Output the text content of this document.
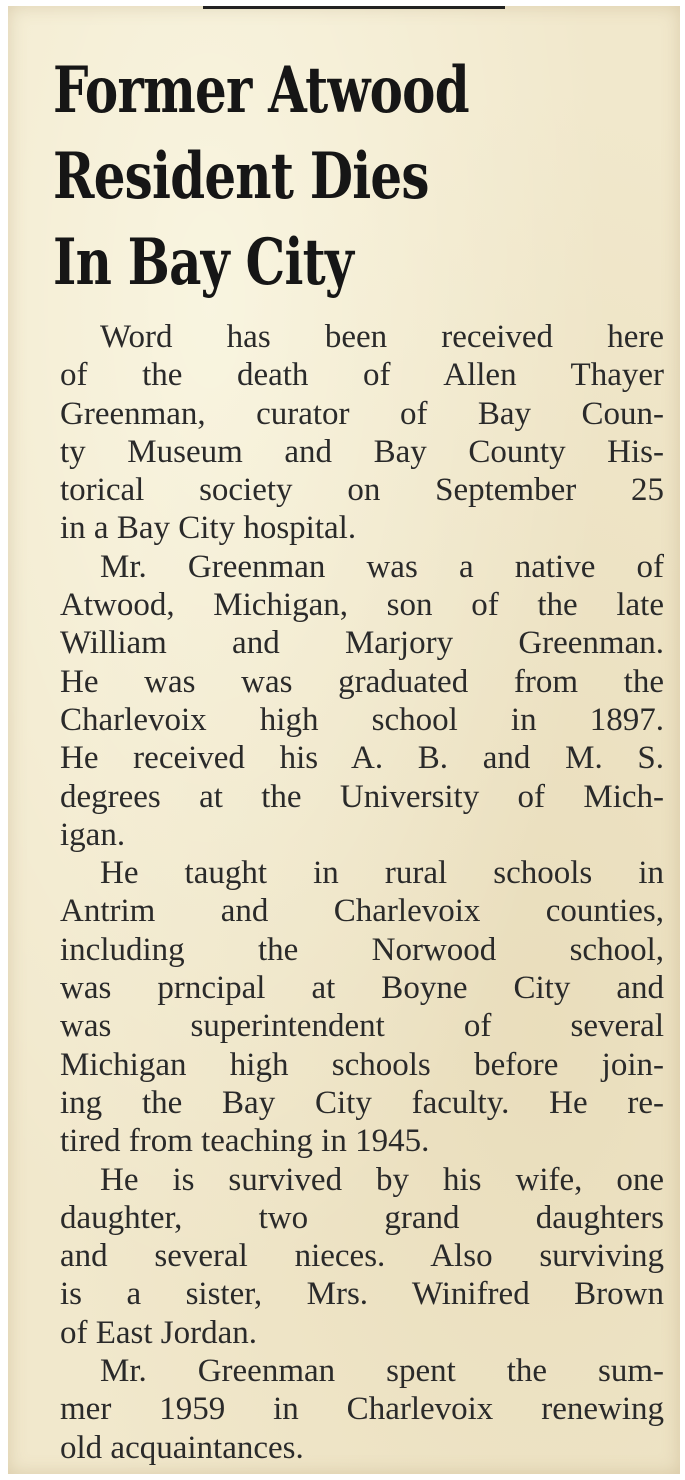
Former Atwood
Resident Dies
In Bay City
Word has been received here
of the death of Allen Thayer
Greenman, curator of Bay Coun-
ty Museum and Bay County His-
torical society on September 25
in a Bay City hospital.
Mr. Greenman was a native of
Atwood, Michigan, son of the late
William and Marjory Greenman.
He was was graduated from the
Charlevoix high school in 1897.
He received his A. B. and M. S.
degrees at the University of Mich-
igan.
He taught in rural schools in
Antrim and Charlevoix counties,
including the Norwood school,
was prncipal at Boyne City and
was superintendent of several
Michigan high schools before join-
ing the Bay City faculty. He re-
tired from teaching in 1945.
He is survived by his wife, one
daughter, two grand daughters
and several nieces. Also surviving
is a sister, Mrs. Winifred Brown
of East Jordan.
Mr. Greenman spent the sum-
mer 1959 in Charlevoix renewing
old acquaintances.
